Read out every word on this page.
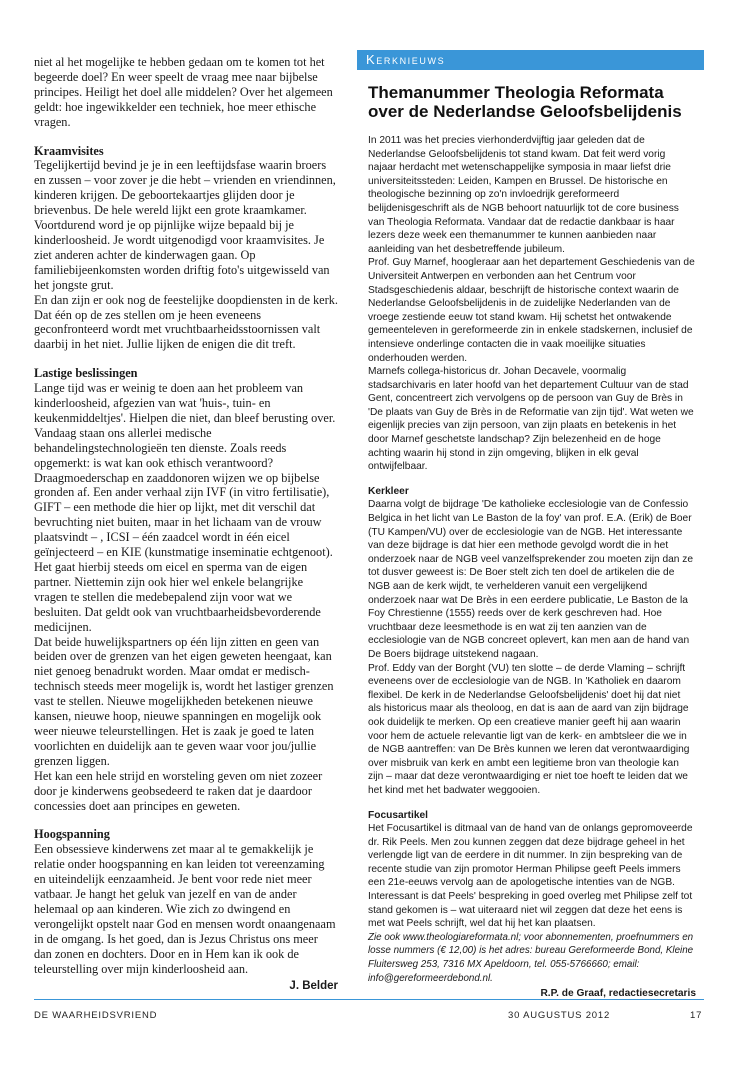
niet al het mogelijke te hebben gedaan om te komen tot het begeerde doel? En weer speelt de vraag mee naar bijbelse principes. Heiligt het doel alle middelen? Over het algemeen geldt: hoe ingewikkelder een techniek, hoe meer ethische vragen.

Kraamvisites

Tegelijkertijd bevind je je in een leeftijdsfase waarin broers en zussen – voor zover je die hebt – vrienden en vriendinnen, kinderen krijgen. De geboortekaartjes glijden door je brievenbus. De hele wereld lijkt een grote kraamkamer. Voortdurend word je op pijnlijke wijze bepaald bij je kinderloosheid. Je wordt uitgenodigd voor kraamvisites. Je ziet anderen achter de kinderwagen gaan. Op familiebijeenkomsten worden driftig foto's uitgewisseld van het jongste grut.

En dan zijn er ook nog de feestelijke doopdiensten in de kerk. Dat één op de zes stellen om je heen eveneens geconfronteerd wordt met vruchtbaarheidsstoornissen valt daarbij in het niet. Jullie lijken de enigen die dit treft.

Lastige beslissingen

Lange tijd was er weinig te doen aan het probleem van kinderloosheid, afgezien van wat 'huis-, tuin- en keukenmiddeltjes'. Hielpen die niet, dan bleef berusting over. Vandaag staan ons allerlei medische behandelingstechnologieën ten dienste. Zoals reeds opgemerkt: is wat kan ook ethisch verantwoord? Draagmoederschap en zaaddonoren wijzen we op bijbelse gronden af. Een ander verhaal zijn IVF (in vitro fertilisatie), GIFT – een methode die hier op lijkt, met dit verschil dat bevruchting niet buiten, maar in het lichaam van de vrouw plaatsvindt – , ICSI – één zaadcel wordt in één eicel geïnjecteerd – en KIE (kunstmatige inseminatie echtgenoot). Het gaat hierbij steeds om eicel en sperma van de eigen partner. Niettemin zijn ook hier wel enkele belangrijke vragen te stellen die medebepalend zijn voor wat we besluiten. Dat geldt ook van vruchtbaarheidsbevorderende medicijnen.

Dat beide huwelijkspartners op één lijn zitten en geen van beiden over de grenzen van het eigen geweten heengaat, kan niet genoeg benadrukt worden. Maar omdat er medisch-technisch steeds meer mogelijk is, wordt het lastiger grenzen vast te stellen. Nieuwe mogelijkheden betekenen nieuwe kansen, nieuwe hoop, nieuwe spanningen en mogelijk ook weer nieuwe teleurstellingen. Het is zaak je goed te laten voorlichten en duidelijk aan te geven waar voor jou/jullie grenzen liggen.

Het kan een hele strijd en worsteling geven om niet zozeer door je kinderwens geobsedeerd te raken dat je daardoor concessies doet aan principes en geweten.

Hoogspanning

Een obsessieve kinderwens zet maar al te gemakkelijk je relatie onder hoogspanning en kan leiden tot vereenzaming en uiteindelijk eenzaamheid. Je bent voor rede niet meer vatbaar. Je hangt het geluk van jezelf en van de ander helemaal op aan kinderen. Wie zich zo dwingend en verongelijkt opstelt naar God en mensen wordt onaangenaam in de omgang. Is het goed, dan is Jezus Christus ons meer dan zonen en dochters. Door en in Hem kan ik ook de teleurstelling over mijn kinderloosheid aan.

J. Belder
Kerknieuws
Themanummer Theologia Reformata over de Nederlandse Geloofsbelijdenis

In 2011 was het precies vierhonderdvijftig jaar geleden dat de Nederlandse Geloofsbelijdenis tot stand kwam. Dat feit werd vorig najaar herdacht met wetenschappelijke symposia in maar liefst drie universiteitssteden: Leiden, Kampen en Brussel. De historische en theologische bezinning op zo'n invloedrijk gereformeerd belijdenisgeschrift als de NGB behoort natuurlijk tot de core business van Theologia Reformata. Vandaar dat de redactie dankbaar is haar lezers deze week een themanummer te kunnen aanbieden naar aanleiding van het desbetreffende jubileum.

Prof. Guy Marnef, hoogleraar aan het departement Geschiedenis van de Universiteit Antwerpen en verbonden aan het Centrum voor Stadsgeschiedenis aldaar, beschrijft de historische context waarin de Nederlandse Geloofsbelijdenis in de zuidelijke Nederlanden van de vroege zestiende eeuw tot stand kwam. Hij schetst het ontwakende gemeenteleven in gereformeerde zin in enkele stadskernen, inclusief de intensieve onderlinge contacten die in vaak moeilijke situaties onderhouden werden.

Marnefs collega-historicus dr. Johan Decavele, voormalig stadsarchivaris en later hoofd van het departement Cultuur van de stad Gent, concentreert zich vervolgens op de persoon van Guy de Brès in 'De plaats van Guy de Brès in de Reformatie van zijn tijd'. Wat weten we eigenlijk precies van zijn persoon, van zijn plaats en betekenis in het door Marnef geschetste landschap? Zijn belezenheid en de hoge achting waarin hij stond in zijn omgeving, blijken in elk geval ontwijfelbaar.

Kerkleer

Daarna volgt de bijdrage 'De katholieke ecclesiologie van de Confessio Belgica in het licht van Le Baston de la foy' van prof. E.A. (Erik) de Boer (TU Kampen/VU) over de ecclesiologie van de NGB. Het interessante van deze bijdrage is dat hier een methode gevolgd wordt die in het onderzoek naar de NGB veel vanzelfsprekender zou moeten zijn dan ze tot dusver geweest is: De Boer stelt zich ten doel de artikelen die de NGB aan de kerk wijdt, te verhelderen vanuit een vergelijkend onderzoek naar wat De Brès in een eerdere publicatie, Le Baston de la Foy Chrestienne (1555) reeds over de kerk geschreven had. Hoe vruchtbaar deze leesmethode is en wat zij ten aanzien van de ecclesiologie van de NGB concreet oplevert, kan men aan de hand van De Boers bijdrage uitstekend nagaan.

Prof. Eddy van der Borght (VU) ten slotte – de derde Vlaming – schrijft eveneens over de ecclesiologie van de NGB. In 'Katholiek en daarom flexibel. De kerk in de Nederlandse Geloofsbelijdenis' doet hij dat niet als historicus maar als theoloog, en dat is aan de aard van zijn bijdrage ook duidelijk te merken. Op een creatieve manier geeft hij aan waarin voor hem de actuele relevantie ligt van de kerk- en ambtsleer die we in de NGB aantreffen: van De Brès kunnen we leren dat verontwaardiging over misbruik van kerk en ambt een legitieme bron van theologie kan zijn – maar dat deze verontwaardiging er niet toe hoeft te leiden dat we het kind met het badwater weggooien.

Focusartikel

Het Focusartikel is ditmaal van de hand van de onlangs gepromoveerde dr. Rik Peels. Men zou kunnen zeggen dat deze bijdrage geheel in het verlengde ligt van de eerdere in dit nummer. In zijn bespreking van de recente studie van zijn promotor Herman Philipse geeft Peels immers een 21e-eeuws vervolg aan de apologetische intenties van de NGB. Interessant is dat Peels' bespreking in goed overleg met Philipse zelf tot stand gekomen is – wat uiteraard niet wil zeggen dat deze het eens is met wat Peels schrijft, wel dat hij het kan plaatsen.

Zie ook www.theologiareformata.nl; voor abonnementen, proefnummers en losse nummers (€ 12,00) is het adres: bureau Gereformeerde Bond, Kleine Fluitersweg 253, 7316 MX Apeldoorn, tel. 055-5766660; email: info@gereformeerdebond.nl.

R.P. de Graaf, redactiesecretaris
DE WAARHEIDSVRIEND	30 AUGUSTUS 2012	17
